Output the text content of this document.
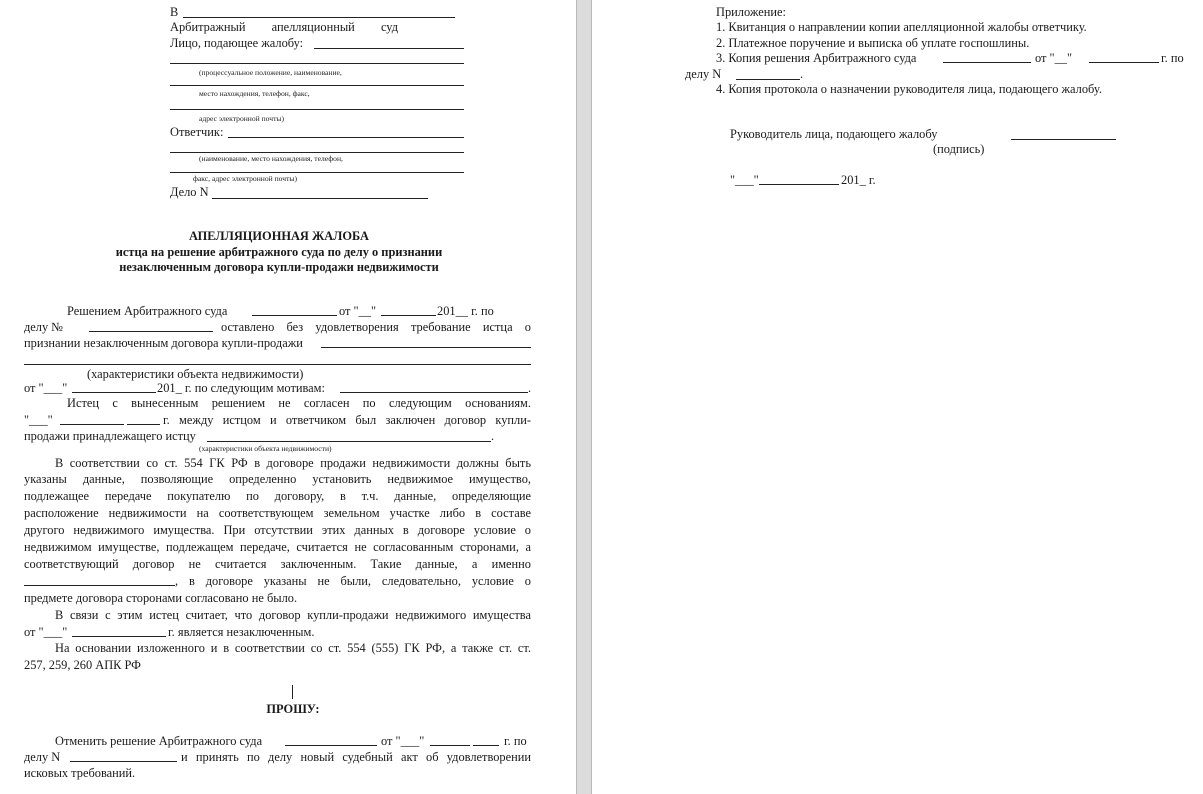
В
Арбитражный апелляционный суд
Лицо, подающее жалобу:
(процессуальное положение, наименование,
место нахождения, телефон, факс,
адрес электронной почты)
Ответчик:
(наименование, место нахождения, телефон,
факс, адрес электронной почты)
Дело N
АПЕЛЛЯЦИОННАЯ ЖАЛОБА
истца на решение арбитражного суда по делу о признании
незаключенным договора купли-продажи недвижимости
Решением Арбитражного суда	от "__"	201__ г. по
делу №	оставлено без удовлетворения требование истца о
признании незаключенным договора купли-продажи
(характеристики объекта недвижимости)
от "___"	201_ г. по следующим мотивам:	.
Истец с вынесенным решением не согласен по следующим основаниям.
"___"	г. между истцом и ответчиком был заключен договор купли-
продажи принадлежащего истцу	.
(характеристики объекта недвижимости)
В соответствии со ст. 554 ГК РФ в договоре продажи недвижимости должны быть
указаны данные, позволяющие определенно установить недвижимое имущество,
подлежащее передаче покупателю по договору, в т.ч. данные, определяющие
расположение недвижимости на соответствующем земельном участке либо в составе
другого недвижимого имущества. При отсутствии этих данных в договоре условие о
недвижимом имуществе, подлежащем передаче, считается не согласованным сторонами, а
соответствующий договор не считается заключенным. Такие данные, а именно
, в договоре указаны не были, следовательно, условие о
предмете договора сторонами согласовано не было.
В связи с этим истец считает, что договор купли-продажи недвижимого имущества
от "___"	г. является незаключенным.
На основании изложенного и в соответствии со ст. 554 (555) ГК РФ, а также ст. ст.
257, 259, 260 АПК РФ
ПРОШУ:
Отменить решение Арбитражного суда	от "___"	г. по
делу N	и принять по делу новый судебный акт об удовлетворении
исковых требований.
Приложение:
1. Квитанция о направлении копии апелляционной жалобы ответчику.
2. Платежное поручение и выписка об уплате госпошлины.
3. Копия решения Арбитражного суда	от "__"	г. по
делу N	.
4. Копия протокола о назначении руководителя лица, подающего жалобу.
Руководитель лица, подающего жалобу
(подпись)
"___"	201_ г.
